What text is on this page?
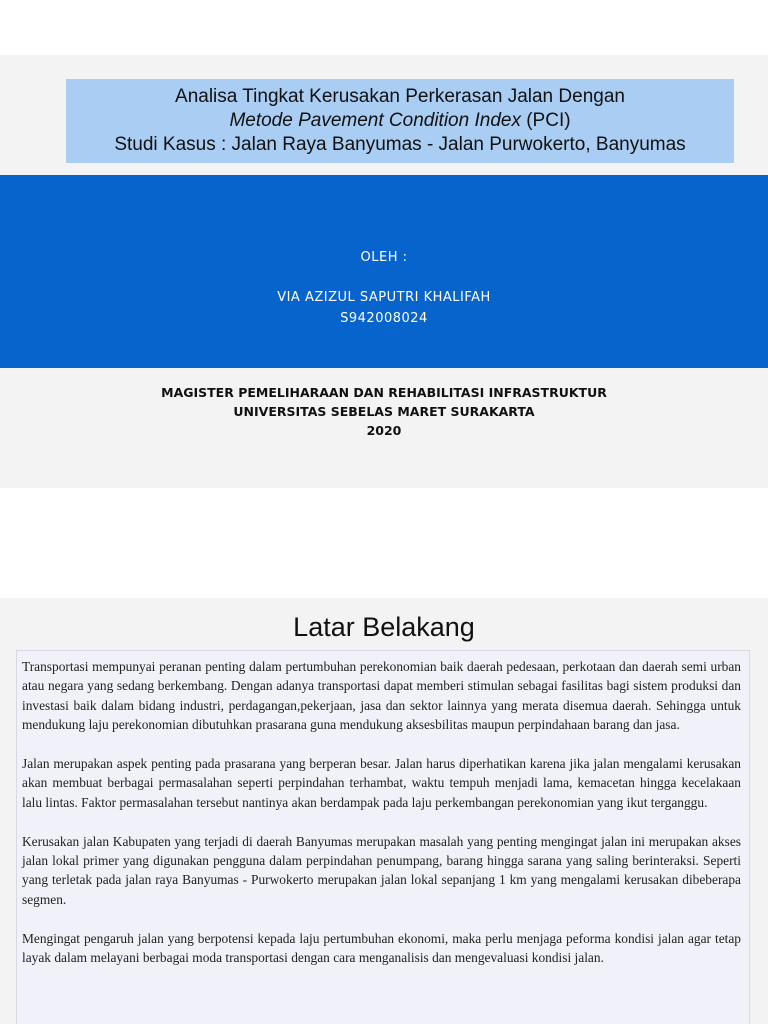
Analisa Tingkat Kerusakan Perkerasan Jalan Dengan
Metode Pavement Condition Index (PCI)
Studi Kasus : Jalan Raya Banyumas - Jalan Purwokerto, Banyumas
OLEH :
VIA AZIZUL SAPUTRI KHALIFAH
S942008024
MAGISTER PEMELIHARAAN DAN REHABILITASI INFRASTRUKTUR
UNIVERSITAS SEBELAS MARET SURAKARTA
2020
Latar Belakang

Transportasi mempunyai peranan penting dalam pertumbuhan perekonomian baik daerah pedesaan, perkotaan dan daerah semi urban atau negara yang sedang berkembang. Dengan adanya transportasi dapat memberi stimulan sebagai fasilitas bagi sistem produksi dan investasi baik dalam bidang industri, perdagangan,pekerjaan, jasa dan sektor lainnya yang merata disemua daerah. Sehingga untuk mendukung laju perekonomian dibutuhkan prasarana guna mendukung aksesbilitas maupun perpindahaan barang dan jasa.

Jalan merupakan aspek penting pada prasarana yang berperan besar. Jalan harus diperhatikan karena jika jalan mengalami kerusakan akan membuat berbagai permasalahan seperti perpindahan terhambat, waktu tempuh menjadi lama, kemacetan hingga kecelakaan lalu lintas. Faktor permasalahan tersebut nantinya akan berdampak pada laju perkembangan perekonomian yang ikut terganggu.

Kerusakan jalan Kabupaten yang terjadi di daerah Banyumas merupakan masalah yang penting mengingat jalan ini merupakan akses jalan lokal primer yang digunakan pengguna dalam perpindahan penumpang, barang hingga sarana yang saling berinteraksi. Seperti yang terletak pada jalan raya Banyumas - Purwokerto merupakan jalan lokal sepanjang 1 km yang mengalami kerusakan dibeberapa segmen.

Mengingat pengaruh jalan yang berpotensi kepada laju pertumbuhan ekonomi, maka perlu menjaga peforma kondisi jalan agar tetap layak dalam melayani berbagai moda transportasi dengan cara menganalisis dan mengevaluasi kondisi jalan.
